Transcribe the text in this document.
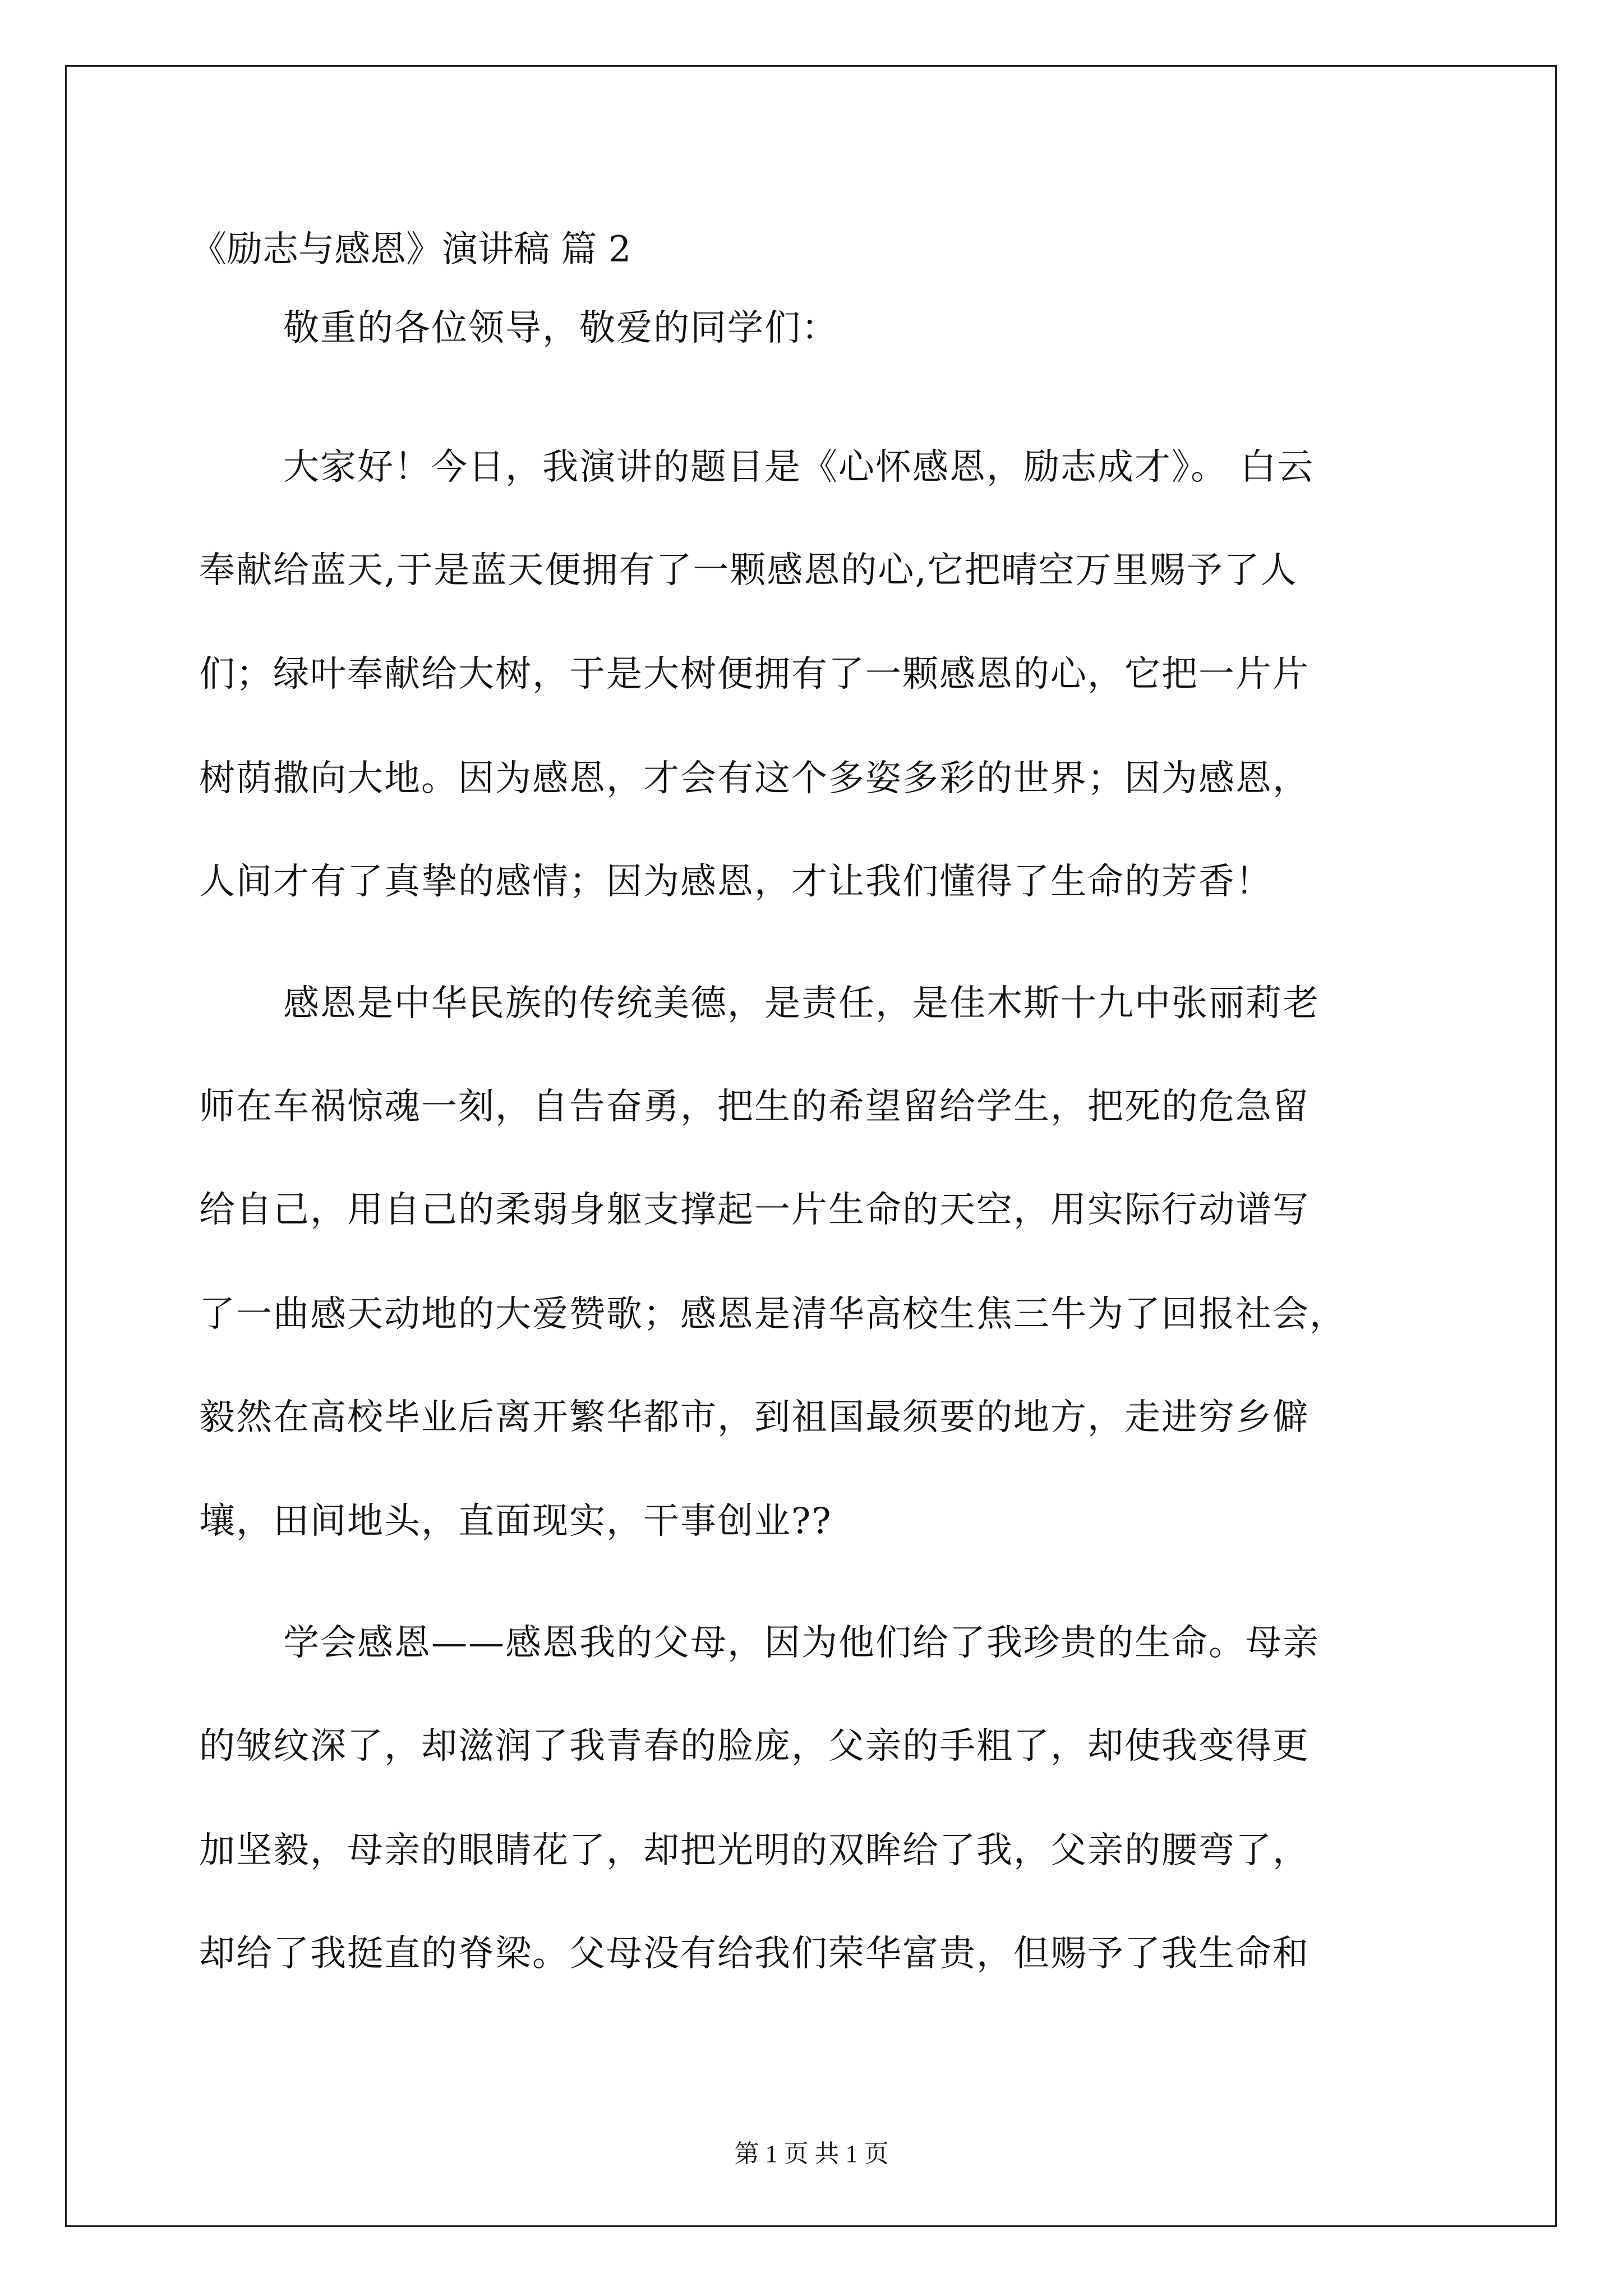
《励志与感恩》演讲稿 篇 2
敬重的各位领导，敬爱的同学们：
大家好！今日，我演讲的题目是《心怀感恩，励志成才》。 白云
奉献给蓝天,于是蓝天便拥有了一颗感恩的心,它把晴空万里赐予了人
们；绿叶奉献给大树，于是大树便拥有了一颗感恩的心，它把一片片
树荫撒向大地。因为感恩，才会有这个多姿多彩的世界；因为感恩，
人间才有了真挚的感情；因为感恩，才让我们懂得了生命的芳香！
感恩是中华民族的传统美德，是责任，是佳木斯十九中张丽莉老
师在车祸惊魂一刻，自告奋勇，把生的希望留给学生，把死的危急留
给自己，用自己的柔弱身躯支撑起一片生命的天空，用实际行动谱写
了一曲感天动地的大爱赞歌；感恩是清华高校生焦三牛为了回报社会，
毅然在高校毕业后离开繁华都市，到祖国最须要的地方，走进穷乡僻
壤，田间地头，直面现实，干事创业??
学会感恩——感恩我的父母，因为他们给了我珍贵的生命。母亲
的皱纹深了，却滋润了我青春的脸庞，父亲的手粗了，却使我变得更
加坚毅，母亲的眼睛花了，却把光明的双眸给了我，父亲的腰弯了，
却给了我挺直的脊梁。父母没有给我们荣华富贵，但赐予了我生命和
第 1 页 共 1 页
